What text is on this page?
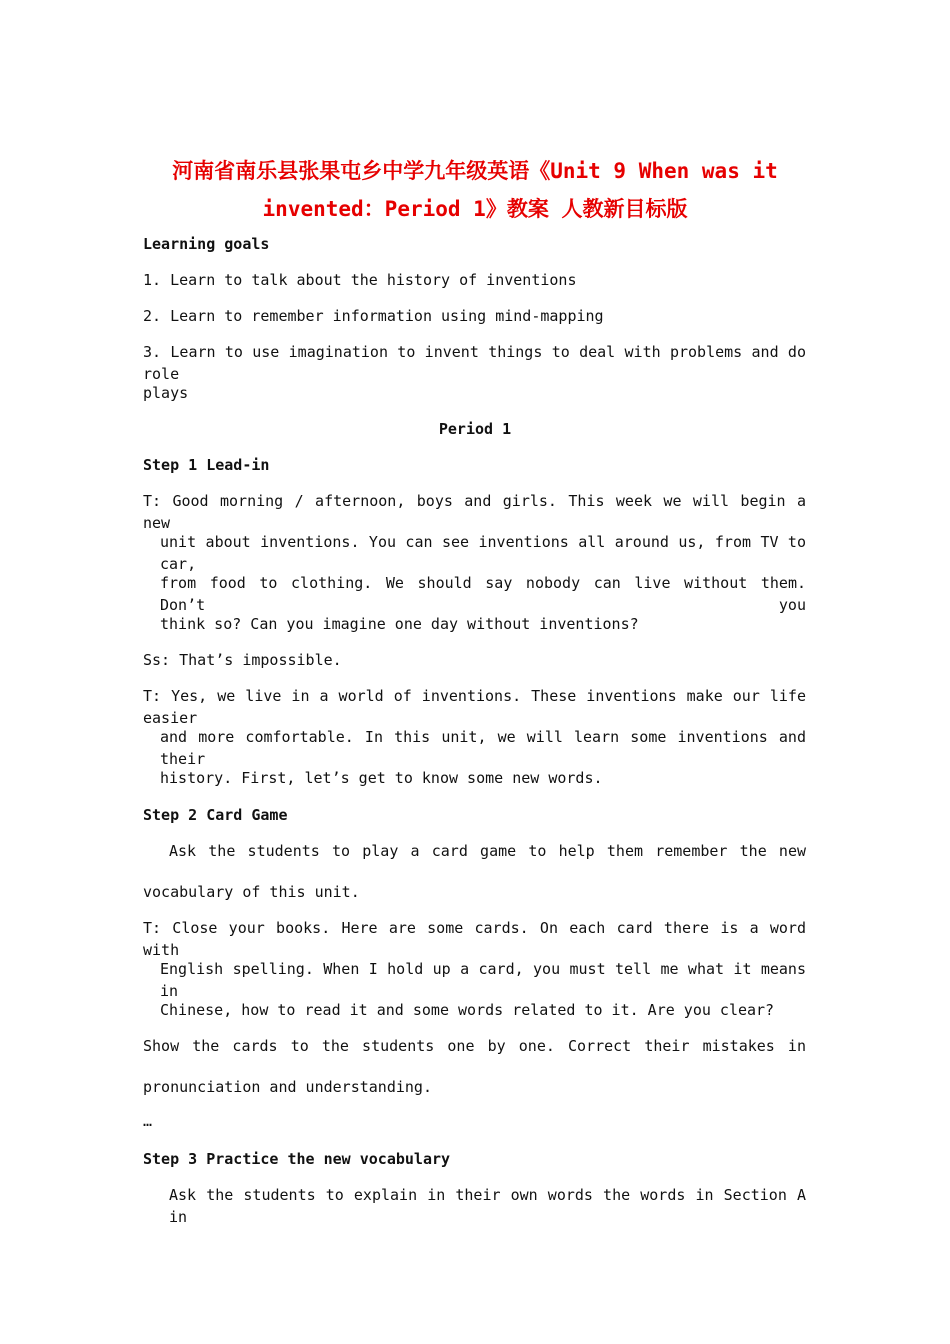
河南省南乐县张果屯乡中学九年级英语《Unit 9 When was it
invented：Period 1》教案 人教新目标版
Learning goals
1. Learn to talk about the history of inventions
2. Learn to remember information using mind-mapping
3. Learn to use imagination to invent things to deal with problems and do role
plays
Period 1
Step 1 Lead-in
T: Good morning / afternoon, boys and girls. This week we will begin a new
unit about inventions. You can see inventions all around us, from TV to car,
from food to clothing. We should say nobody can live without them. Don’t you
think so? Can you imagine one day without inventions?
Ss: That’s impossible.
T: Yes, we live in a world of inventions. These inventions make our life easier
and more comfortable. In this unit, we will learn some inventions and their
history. First, let’s get to know some new words.
Step 2 Card Game
Ask the students to play a card game to help them remember the new
vocabulary of this unit.
T: Close your books. Here are some cards. On each card there is a word with
English spelling. When I hold up a card, you must tell me what it means in
Chinese, how to read it and some words related to it. Are you clear?
Show the cards to the students one by one. Correct their mistakes in
pronunciation and understanding.
…
Step 3 Practice the new vocabulary
Ask the students to explain in their own words the words in Section A in
